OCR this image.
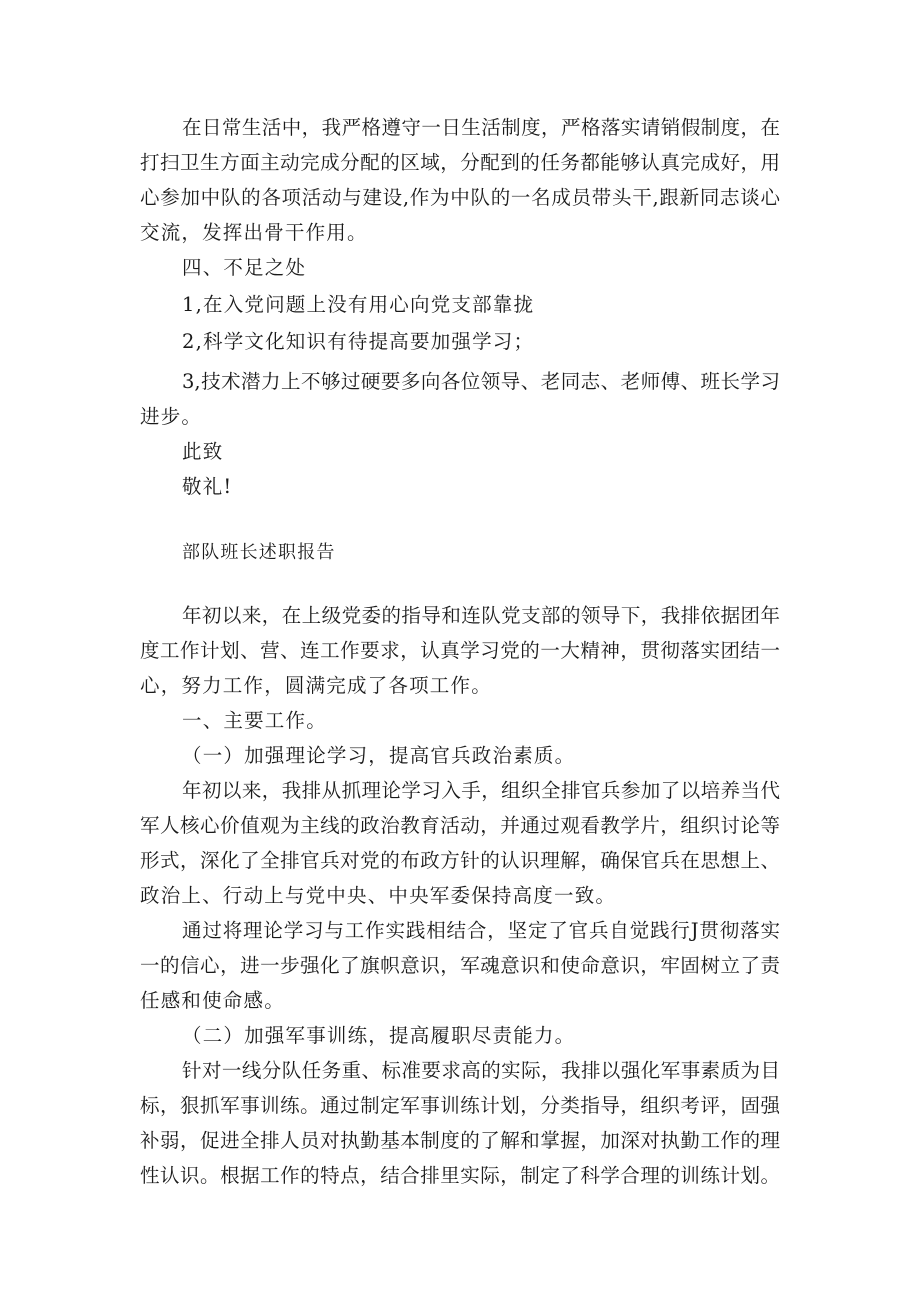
在日常生活中，我严格遵守一日生活制度，严格落实请销假制度，在
打扫卫生方面主动完成分配的区域，分配到的任务都能够认真完成好，用
心参加中队的各项活动与建设,作为中队的一名成员带头干,跟新同志谈心
交流，发挥出骨干作用。
四、不足之处
1,在入党问题上没有用心向党支部靠拢
2,科学文化知识有待提高要加强学习；
3,技术潜力上不够过硬要多向各位领导、老同志、老师傅、班长学习
进步。
此致
敬礼!
部队班长述职报告
年初以来，在上级党委的指导和连队党支部的领导下，我排依据团年
度工作计划、营、连工作要求，认真学习党的一大精神，贯彻落实团结一
心，努力工作，圆满完成了各项工作。
一、主要工作。
（一）加强理论学习，提高官兵政治素质。
年初以来，我排从抓理论学习入手，组织全排官兵参加了以培养当代
军人核心价值观为主线的政治教育活动，并通过观看教学片，组织讨论等
形式，深化了全排官兵对党的布政方针的认识理解，确保官兵在思想上、
政治上、行动上与党中央、中央军委保持高度一致。
通过将理论学习与工作实践相结合，坚定了官兵自觉践行J贯彻落实
一的信心，进一步强化了旗帜意识，军魂意识和使命意识，牢固树立了责
任感和使命感。
（二）加强军事训练，提高履职尽责能力。
针对一线分队任务重、标准要求高的实际，我排以强化军事素质为目
标，狠抓军事训练。通过制定军事训练计划，分类指导，组织考评，固强
补弱，促进全排人员对执勤基本制度的了解和掌握，加深对执勤工作的理
性认识。根据工作的特点，结合排里实际，制定了科学合理的训练计划。
